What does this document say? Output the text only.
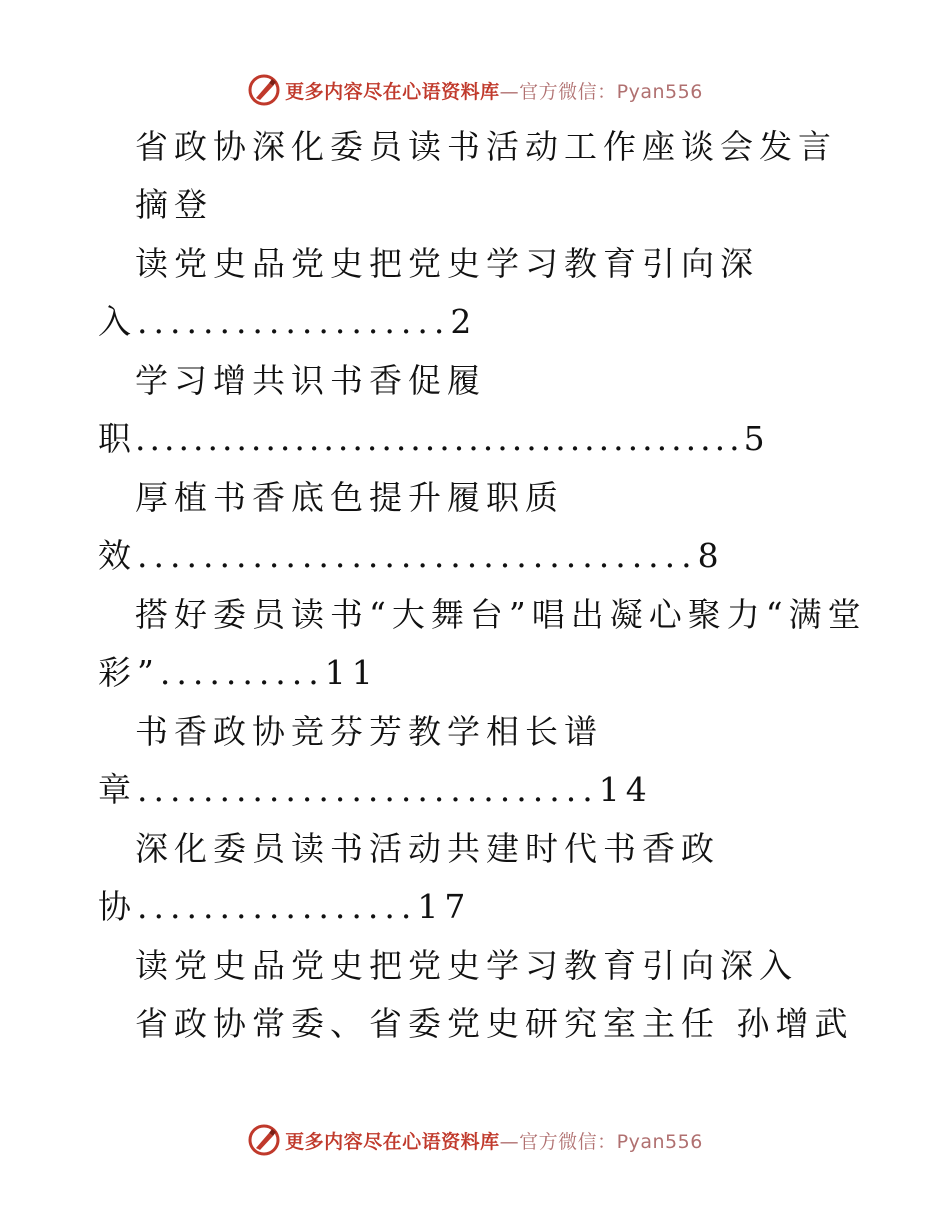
更多内容尽在心语资料库—官方微信：Pyan556
省政协深化委员读书活动工作座谈会发言
摘登
读党史品党史把党史学习教育引向深
入...................2
学习增共识书香促履
职..........................................5
厚植书香底色提升履职质
效..................................8
搭好委员读书“大舞台”唱出凝心聚力“满堂
彩”..........11
书香政协竞芬芳教学相长谱
章............................14
深化委员读书活动共建时代书香政
协.................17
读党史品党史把党史学习教育引向深入
省政协常委、省委党史研究室主任 孙增武
更多内容尽在心语资料库—官方微信：Pyan556
